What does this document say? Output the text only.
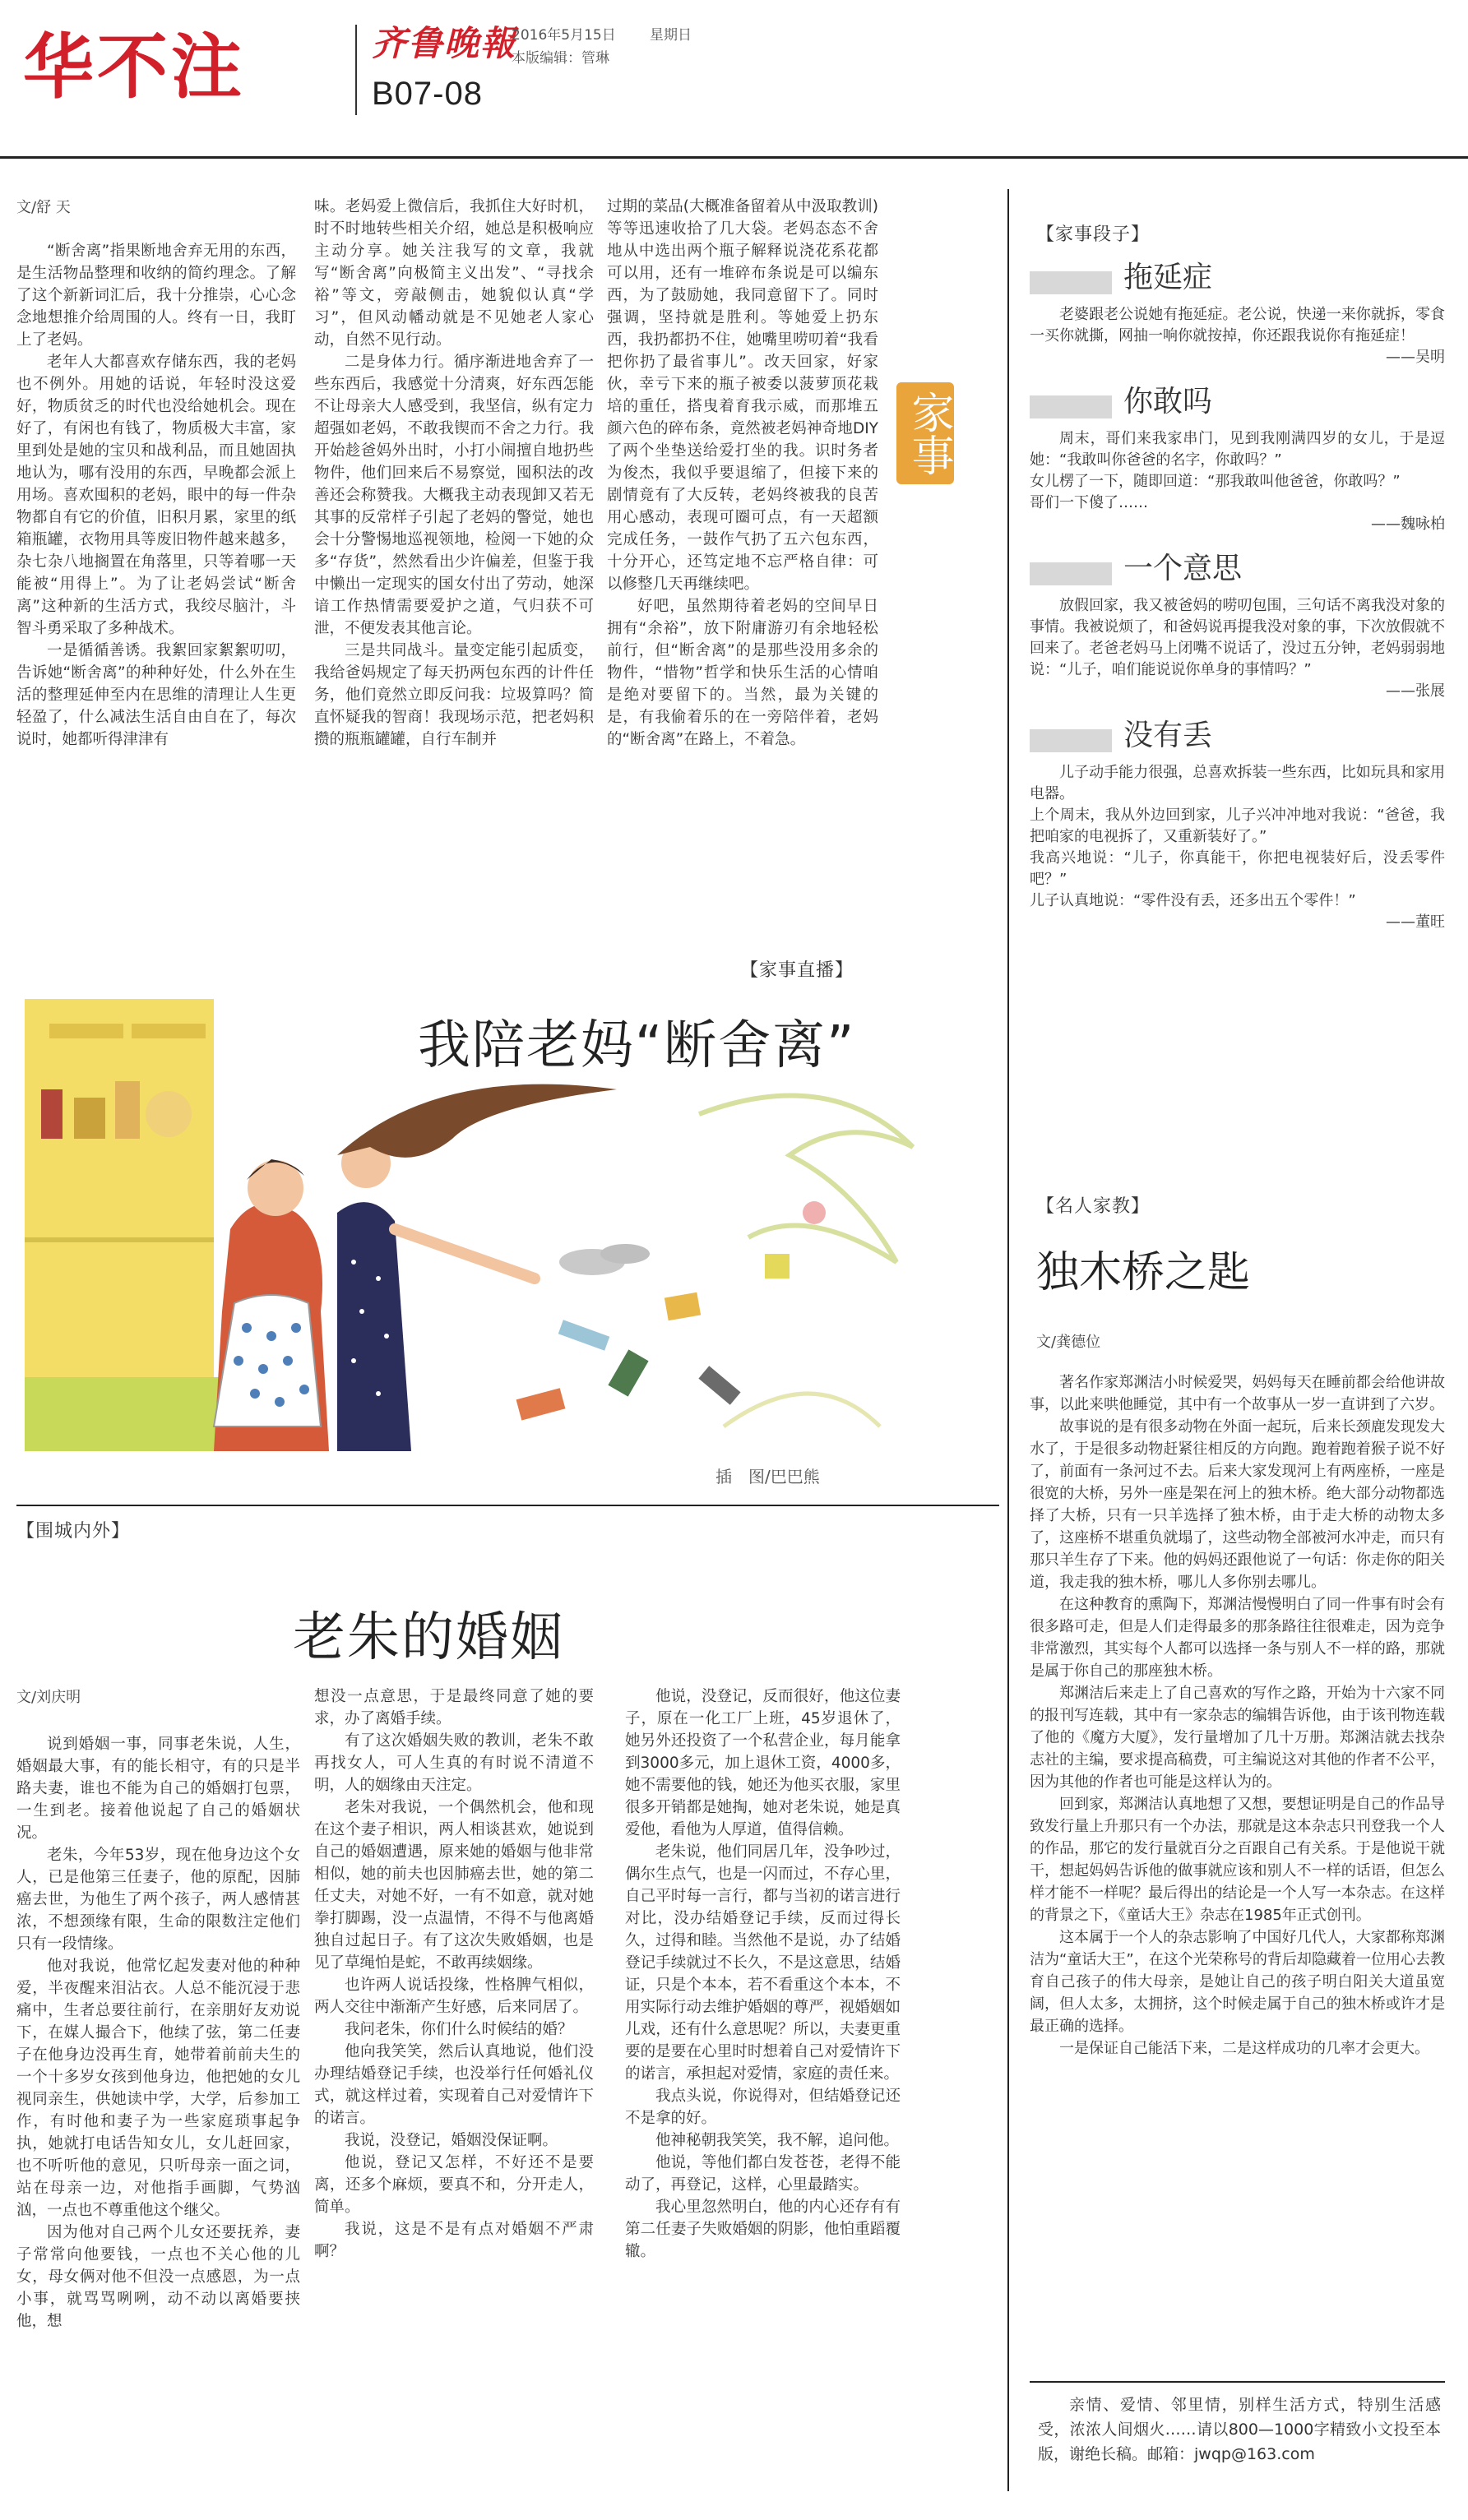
华不注	齐鲁晚報
2016年5月15日 星期日
本版编辑：管琳
B07-08
文/舒 天

“断舍离”指果断地舍弃无用的东西，是生活物品整理和收纳的简约理念。了解了这个新新词汇后，我十分推崇，心心念念地想推介给周围的人。终有一日，我盯上了老妈。

老年人大都喜欢存储东西，我的老妈也不例外。用她的话说，年轻时没这爱好，物质贫乏的时代也没给她机会。现在好了，有闲也有钱了，物质极大丰富，家里到处是她的宝贝和战利品，而且她固执地认为，哪有没用的东西，早晚都会派上用场。喜欢囤积的老妈，眼中的每一件杂物都自有它的价值，旧积月累，家里的纸箱瓶罐，衣物用具等废旧物件越来越多，杂七杂八地搁置在角落里，只等着哪一天能被“用得上”。为了让老妈尝试“断舍离”这种新的生活方式，我绞尽脑汁，斗智斗勇采取了多种战术。

一是循循善诱。我絮回家絮絮叨叨，告诉她“断舍离”的种种好处，什么外在生活的整理延伸至内在思维的清理让人生更轻盈了，什么减法生活自由自在了，每次说时，她都听得津津有

味。老妈爱上微信后，我抓住大好时机，时不时地转些相关介绍，她总是积极响应主动分享。她关注我写的文章，我就写“断舍离”向极简主义出发”、“寻找余裕”等文，旁敲侧击，她貌似认真“学习”，但风动幡动就是不见她老人家心动，自然不见行动。

二是身体力行。循序渐进地舍弃了一些东西后，我感觉十分清爽，好东西怎能不让母亲大人感受到，我坚信，纵有定力超强如老妈，不敢我锲而不舍之力行。我开始趁爸妈外出时，小打小闹擅自地扔些物件，他们回来后不易察觉，囤积法的改善还会称赞我。大概我主动表现卸又若无其事的反常样子引起了老妈的警觉，她也会十分警惕地巡视领地，检阅一下她的众多“存货”，然然看出少许偏差，但鉴于我中懒出一定现实的国女付出了劳动，她深谙工作热情需要爱护之道，气归获不可泄，不便发表其他言论。

三是共同战斗。量变定能引起质变，我给爸妈规定了每天扔两包东西的计件任务，他们竟然立即反问我：垃圾算吗？简直怀疑我的智商！我现场示范，把老妈积攒的瓶瓶罐罐，自行车制并

过期的菜品(大概准备留着从中汲取教训)等等迅速收拾了几大袋。老妈态态不舍地从中选出两个瓶子解释说浇花系花都可以用，还有一堆碎布条说是可以编东西，为了鼓励她，我同意留下了。同时强调，坚持就是胜利。等她爱上扔东西，我扔都扔不住，她嘴里唠叨着“我看把你扔了最省事儿”。改天回家，好家伙，幸亏下来的瓶子被委以菠萝顶花栽培的重任，搭曳着育我示威，而那堆五颜六色的碎布条，竟然被老妈神奇地DIY了两个坐垫送给爱打坐的我。识时务者为俊杰，我似乎要退缩了，但接下来的剧情竟有了大反转，老妈终被我的良苦用心感动，表现可圈可点，有一天超额完成任务，一鼓作气扔了五六包东西，十分开心，还笃定地不忘严格自律：可以修整几天再继续吧。

好吧，虽然期待着老妈的空间早日拥有“余裕”，放下附庸游刃有余地轻松前行，但“断舍离”的是那些没用多余的物件，“惜物”哲学和快乐生活的心情咱是绝对要留下的。当然，最为关键的是，有我偷着乐的在一旁陪伴着，老妈的“断舍离”在路上，不着急。

家事
【家事直播】
我陪老妈“断舍离”
插　图/巴巴熊
【围城内外】
老朱的婚姻
文/刘庆明

说到婚姻一事，同事老朱说，人生，婚姻最大事，有的能长相守，有的只是半路夫妻，谁也不能为自己的婚姻打包票，一生到老。接着他说起了自己的婚姻状况。

老朱，今年53岁，现在他身边这个女人，已是他第三任妻子，他的原配，因肺癌去世，为他生了两个孩子，两人感情甚浓，不想颈缘有限，生命的限数注定他们只有一段情缘。

他对我说，他常忆起发妻对他的种种爱，半夜醒来泪沾衣。人总不能沉浸于悲痛中，生者总要往前行，在亲朋好友劝说下，在媒人撮合下，他续了弦，第二任妻子在他身边没再生育，她带着前前夫生的一个十多岁女孩到他身边，他把她的女儿视同亲生，供她读中学，大学，后参加工作，有时他和妻子为一些家庭琐事起争执，她就打电话告知女儿，女儿赶回家，也不听听他的意见，只听母亲一面之词，站在母亲一边，对他指手画脚，气势汹汹，一点也不尊重他这个继父。

因为他对自己两个儿女还要抚养，妻子常常向他要钱，一点也不关心他的儿女，母女俩对他不但没一点感恩，为一点小事，就骂骂咧咧，动不动以离婚要挟他，想

想没一点意思，于是最终同意了她的要求，办了离婚手续。

有了这次婚姻失败的教训，老朱不敢再找女人，可人生真的有时说不清道不明，人的姻缘由天注定。

老朱对我说，一个偶然机会，他和现在这个妻子相识，两人相谈甚欢，她说到自己的婚姻遭遇，原来她的婚姻与他非常相似，她的前夫也因肺癌去世，她的第二任丈夫，对她不好，一有不如意，就对她拳打脚踢，没一点温情，不得不与他离婚独自过起日子。有了这次失败婚姻，也是见了草绳怕是蛇，不敢再续姻缘。

也许两人说话投缘，性格脾气相似，两人交往中渐渐产生好感，后来同居了。

我问老朱，你们什么时候结的婚？

他向我笑笑，然后认真地说，他们没办理结婚登记手续，也没举行任何婚礼仪式，就这样过着，实现着自己对爱情许下的诺言。

我说，没登记，婚姻没保证啊。

他说，登记又怎样，不好还不是要离，还多个麻烦，要真不和，分开走人，简单。

我说，这是不是有点对婚姻不严肃啊？

他说，没登记，反而很好，他这位妻子，原在一化工厂上班，45岁退休了，她另外还投资了一个私营企业，每月能拿到3000多元，加上退休工资，4000多，她不需要他的钱，她还为他买衣服，家里很多开销都是她掏，她对老朱说，她是真爱他，看他为人厚道，值得信赖。

老朱说，他们同居几年，没争吵过，偶尔生点气，也是一闪而过，不存心里，自己平时每一言行，都与当初的诺言进行对比，没办结婚登记手续，反而过得长久，过得和睦。当然他不是说，办了结婚登记手续就过不长久，不是这意思，结婚证，只是个本本，若不看重这个本本，不用实际行动去维护婚姻的尊严，视婚姻如儿戏，还有什么意思呢？所以，夫妻更重要的是要在心里时时想着自己对爱情许下的诺言，承担起对爱情，家庭的责任来。

我点头说，你说得对，但结婚登记还不是拿的好。

他神秘朝我笑笑，我不解，追问他。

他说，等他们都白发苍苍，老得不能动了，再登记，这样，心里最踏实。

我心里忽然明白，他的内心还存有有第二任妻子失败婚姻的阴影，他怕重蹈覆辙。

【家事段子】
拖延症

老婆跟老公说她有拖延症。老公说，快递一来你就拆，零食一买你就撕，网抽一响你就按掉，你还跟我说你有拖延症！

——吴明
你敢吗

周末，哥们来我家串门，见到我刚满四岁的女儿，于是逗她：“我敢叫你爸爸的名字，你敢吗？”
女儿楞了一下，随即回道：“那我敢叫他爸爸，你敢吗？”
哥们一下傻了……

——魏咏柏
一个意思

放假回家，我又被爸妈的唠叨包围，三句话不离我没对象的事情。我被说烦了，和爸妈说再提我没对象的事，下次放假就不回来了。老爸老妈马上闭嘴不说话了，没过五分钟，老妈弱弱地说：“儿子，咱们能说说你单身的事情吗？”

——张展
没有丢

儿子动手能力很强，总喜欢拆装一些东西，比如玩具和家用电器。
上个周末，我从外边回到家，儿子兴冲冲地对我说：“爸爸，我把咱家的电视拆了，又重新装好了。”
我高兴地说：“儿子，你真能干，你把电视装好后，没丢零件吧？”
儿子认真地说：“零件没有丢，还多出五个零件！”

——董旺
【名人家教】
独木桥之匙
文/龚德位

著名作家郑渊洁小时候爱哭，妈妈每天在睡前都会给他讲故事，以此来哄他睡觉，其中有一个故事从一岁一直讲到了六岁。

故事说的是有很多动物在外面一起玩，后来长颈鹿发现发大水了，于是很多动物赶紧往相反的方向跑。跑着跑着猴子说不好了，前面有一条河过不去。后来大家发现河上有两座桥，一座是很宽的大桥，另外一座是架在河上的独木桥。绝大部分动物都选择了大桥，只有一只羊选择了独木桥，由于走大桥的动物太多了，这座桥不堪重负就塌了，这些动物全部被河水冲走，而只有那只羊生存了下来。他的妈妈还跟他说了一句话：你走你的阳关道，我走我的独木桥，哪儿人多你别去哪儿。

在这种教育的熏陶下，郑渊洁慢慢明白了同一件事有时会有很多路可走，但是人们走得最多的那条路往往很难走，因为竞争非常激烈，其实每个人都可以选择一条与别人不一样的路，那就是属于你自己的那座独木桥。

郑渊洁后来走上了自己喜欢的写作之路，开始为十六家不同的报刊写连载，其中有一家杂志的编辑告诉他，由于该刊物连载了他的《魔方大厦》，发行量增加了几十万册。郑渊洁就去找杂志社的主编，要求提高稿费，可主编说这对其他的作者不公平，因为其他的作者也可能是这样认为的。

回到家，郑渊洁认真地想了又想，要想证明是自己的作品导致发行量上升那只有一个办法，那就是这本杂志只刊登我一个人的作品，那它的发行量就百分之百跟自己有关系。于是他说干就干，想起妈妈告诉他的做事就应该和别人不一样的话语，但怎么样才能不一样呢？最后得出的结论是一个人写一本杂志。在这样的背景之下，《童话大王》杂志在1985年正式创刊。

这本属于一个人的杂志影响了中国好几代人，大家都称郑渊洁为“童话大王”，在这个光荣称号的背后却隐藏着一位用心去教育自己孩子的伟大母亲，是她让自己的孩子明白阳关大道虽宽阔，但人太多，太拥挤，这个时候走属于自己的独木桥或许才是最正确的选择。

一是保证自己能活下来，二是这样成功的几率才会更大。

亲情、爱情、邻里情，别样生活方式，特别生活感受，浓浓人间烟火……请以800—1000字精致小文投至本版，谢绝长稿。邮箱：jwqp@163.com
